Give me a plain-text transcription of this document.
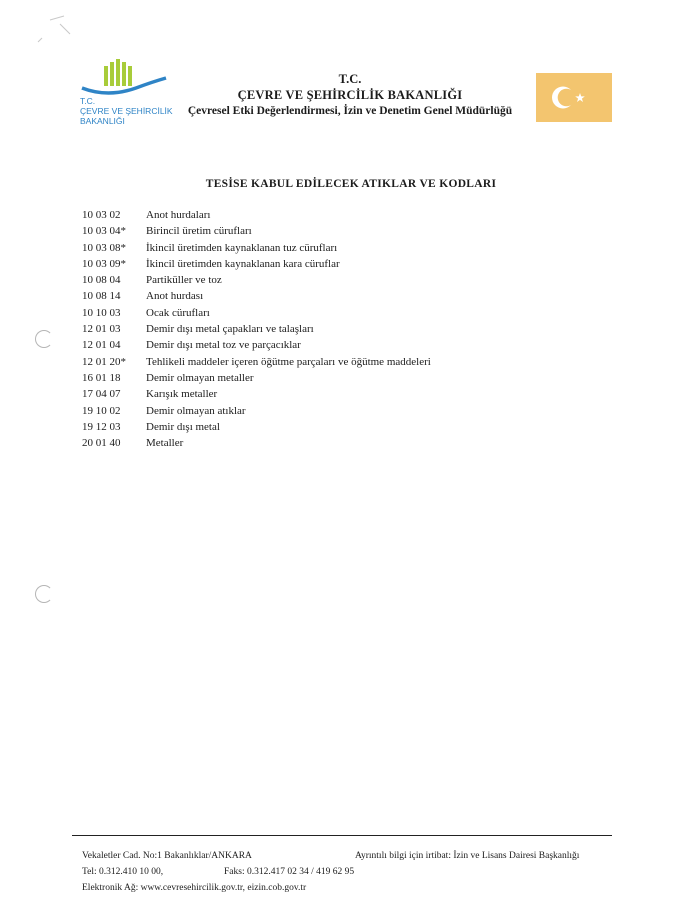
T.C.
ÇEVRE VE ŞEHİRCİLİK
BAKANLIĞI
T.C.
ÇEVRE VE ŞEHİRCİLİK BAKANLIĞI
Çevresel Etki Değerlendirmesi, İzin ve Denetim Genel Müdürlüğü
TESİSE KABUL EDİLECEK ATIKLAR VE KODLARI
10 03 02 Anot hurdaları
10 03 04* Birincil üretim cürufları
10 03 08* İkincil üretimden kaynaklanan tuz cürufları
10 03 09* İkincil üretimden kaynaklanan kara cüruflar
10 08 04 Partiküller ve toz
10 08 14 Anot hurdası
10 10 03 Ocak cürufları
12 01 03 Demir dışı metal çapakları ve talaşları
12 01 04 Demir dışı metal toz ve parçacıklar
12 01 20* Tehlikeli maddeler içeren öğütme parçaları ve öğütme maddeleri
16 01 18 Demir olmayan metaller
17 04 07 Karışık metaller
19 10 02 Demir olmayan atıklar
19 12 03 Demir dışı metal
20 01 40 Metaller
Vekaletler Cad. No:1 Bakanlıklar/ANKARA	Ayrıntılı bilgi için irtibat: İzin ve Lisans Dairesi Başkanlığı
Tel: 0.312.410 10 00,	Faks: 0.312.417 02 34 / 419 62 95
Elektronik Ağ: www.cevresehircilik.gov.tr, eizin.cob.gov.tr
